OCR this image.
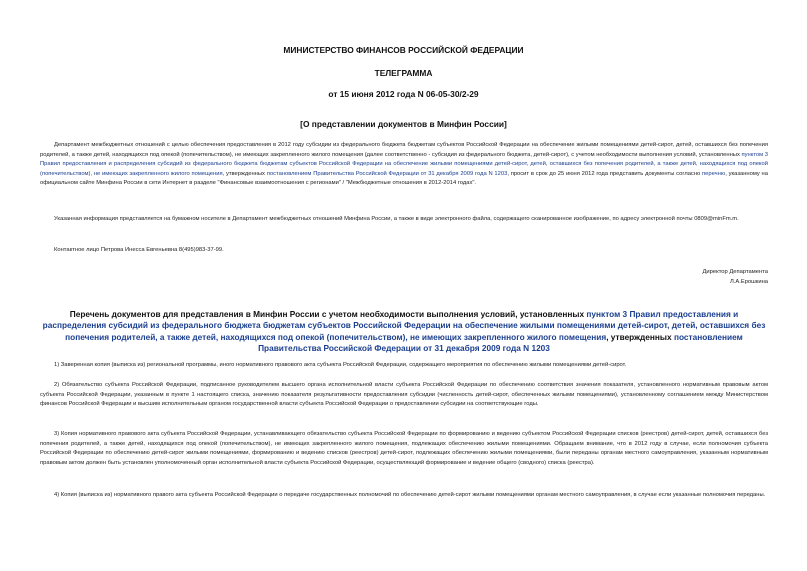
МИНИСТЕРСТВО ФИНАНСОВ РОССИЙСКОЙ ФЕДЕРАЦИИ
ТЕЛЕГРАММА
от 15 июня 2012 года N 06-05-30/2-29
[О представлении документов в Минфин России]
Департамент межбюджетных отношений с целью обеспечения предоставления в 2012 году субсидии из федерального бюджета бюджетам субъектов Российской Федерации на обеспечение жилыми помещениями детей-сирот, детей, оставшихся без попечения родителей, а также детей, находящихся под опекой (попечительством), не имеющих закрепленного жилого помещения (далее соответственно - субсидия из федерального бюджета, детей-сирот), с учетом необходимости выполнения условий, установленных пунктом 3 Правил предоставления и распределения субсидий из федерального бюджета бюджетам субъектов Российской Федерации на обеспечение жилыми помещениями детей-сирот, детей, оставшихся без попечения родителей, а также детей, находящихся под опекой (попечительством), не имеющих закрепленного жилого помещения, утвержденных постановлением Правительства Российской Федерации от 31 декабря 2009 года N 1203, просит в срок до 25 июня 2012 года представить документы согласно перечню, указанному на официальном сайте Минфина России в сети Интернет в разделе "Финансовые взаимоотношения с регионами" / "Межбюджетные отношения в 2012-2014 годах".
Указанная информация представляется на бумажном носителе в Департамент межбюджетных отношений Минфина России, а также в виде электронного файла, содержащего сканированное изображение, по адресу электронной почты 0809@minFm.m.
Контактное лицо Петрова Инесса Евгеньевна 8(495)983-37-99.
Директор Департамента
Л.А.Ерошкина
Перечень документов для представления в Минфин России с учетом необходимости выполнения условий, установленных пунктом 3 Правил предоставления и распределения субсидий из федерального бюджета бюджетам субъектов Российской Федерации на обеспечение жилыми помещениями детей-сирот, детей, оставшихся без попечения родителей, а также детей, находящихся под опекой (попечительством), не имеющих закрепленного жилого помещения, утвержденных постановлением Правительства Российской Федерации от 31 декабря 2009 года N 1203
1) Заверенная копия (выписка из) региональной программы, иного нормативного правового акта субъекта Российской Федерации, содержащего мероприятия по обеспечению жилыми помещениями детей-сирот.
2) Обязательство субъекта Российской Федерации, подписанное руководителем высшего органа исполнительной власти субъекта Российской Федерации по обеспечению соответствия значения показателя, установленного нормативным правовым актом субъекта Российской Федерации, указанным в пункте 1 настоящего списка, значению показателя результативности предоставления субсидии (численность детей-сирот, обеспеченных жилыми помещениями), установленному соглашением между Министерством финансов Российской Федерации и высшим исполнительным органом государственной власти субъекта Российской Федерации о предоставлении субсидии на соответствующие годы.
3) Копия нормативного правового акта субъекта Российской Федерации, устанавливающего обязательство субъекта Российской Федерации по формированию и ведению субъектом Российской Федерации списков (реестров) детей-сирот, детей, оставшихся без попечения родителей, а также детей, находящихся под опекой (попечительством), не имеющих закрепленного жилого помещения, подлежащих обеспечению жилыми помещениями. Обращаем внимание, что в 2012 году в случае, если полномочия субъекта Российской Федерации по обеспечению детей-сирот жилыми помещениями, формированию и ведению списков (реестров) детей-сирот, подлежащих обеспечению жилыми помещениями, были переданы органам местного самоуправления, указанным нормативным правовым актом должен быть установлен уполномоченный орган исполнительной власти субъекта Российской Федерации, осуществляющий формирование и ведение общего (сводного) списка (реестра).
4) Копия (выписка из) нормативного правого акта субъекта Российской Федерации о передаче государственных полномочий по обеспечению детей-сирот жилыми помещениями органам местного самоуправления, в случае если указанные полномочия переданы.
